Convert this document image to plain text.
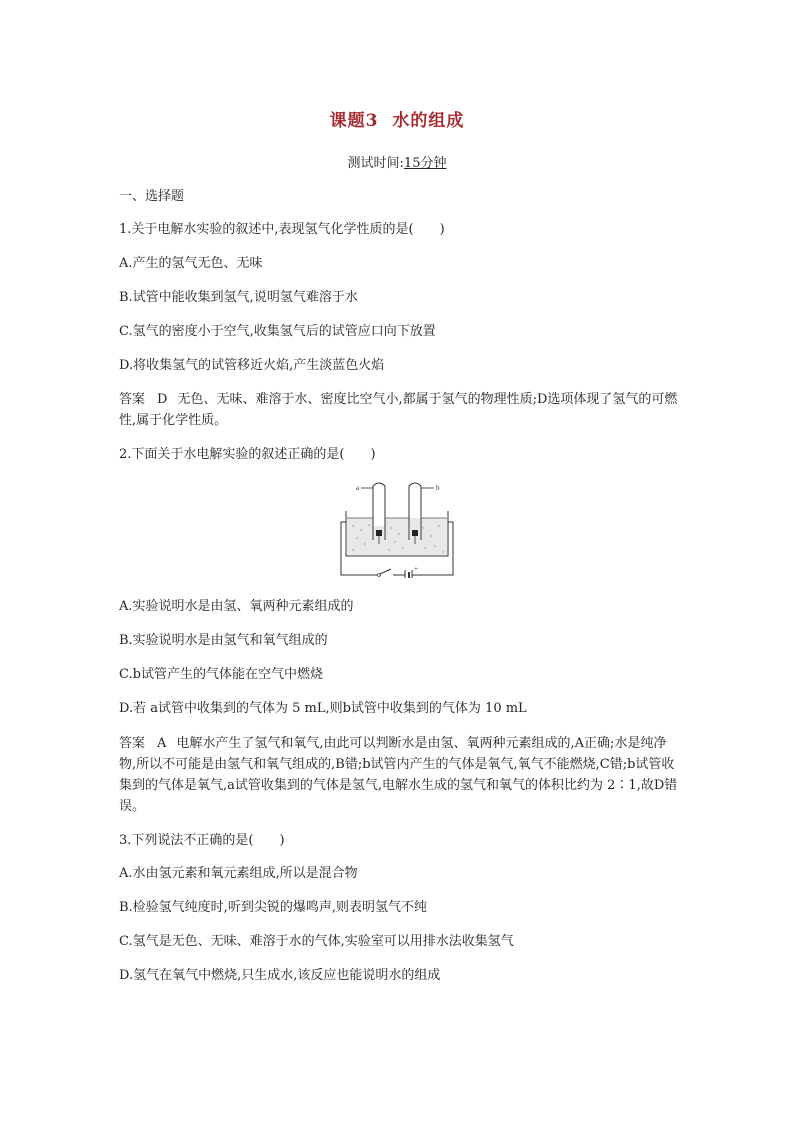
课题3 水的组成
测试时间:15分钟
一、选择题
1.关于电解水实验的叙述中,表现氢气化学性质的是(　　)
A.产生的氢气无色、无味
B.试管中能收集到氢气,说明氢气难溶于水
C.氢气的密度小于空气,收集氢气后的试管应口向下放置
D.将收集氢气的试管移近火焰,产生淡蓝色火焰
答案 D 无色、无味、难溶于水、密度比空气小,都属于氢气的物理性质;D选项体现了氢气的可燃性,属于化学性质。
2.下面关于水电解实验的叙述正确的是(　　)
a	b
+
A.实验说明水是由氢、氧两种元素组成的
B.实验说明水是由氢气和氧气组成的
C.b试管产生的气体能在空气中燃烧
D.若 a试管中收集到的气体为 5 mL,则b试管中收集到的气体为 10 mL
答案 A 电解水产生了氢气和氧气,由此可以判断水是由氢、氧两种元素组成的,A正确;水是纯净物,所以不可能是由氢气和氧气组成的,B错;b试管内产生的气体是氧气,氧气不能燃烧,C错;b试管收集到的气体是氧气,a试管收集到的气体是氢气,电解水生成的氢气和氧气的体积比约为 2∶1,故D错误。
3.下列说法不正确的是(　　)
A.水由氢元素和氧元素组成,所以是混合物
B.检验氢气纯度时,听到尖锐的爆鸣声,则表明氢气不纯
C.氢气是无色、无味、难溶于水的气体,实验室可以用排水法收集氢气
D.氢气在氧气中燃烧,只生成水,该反应也能说明水的组成
